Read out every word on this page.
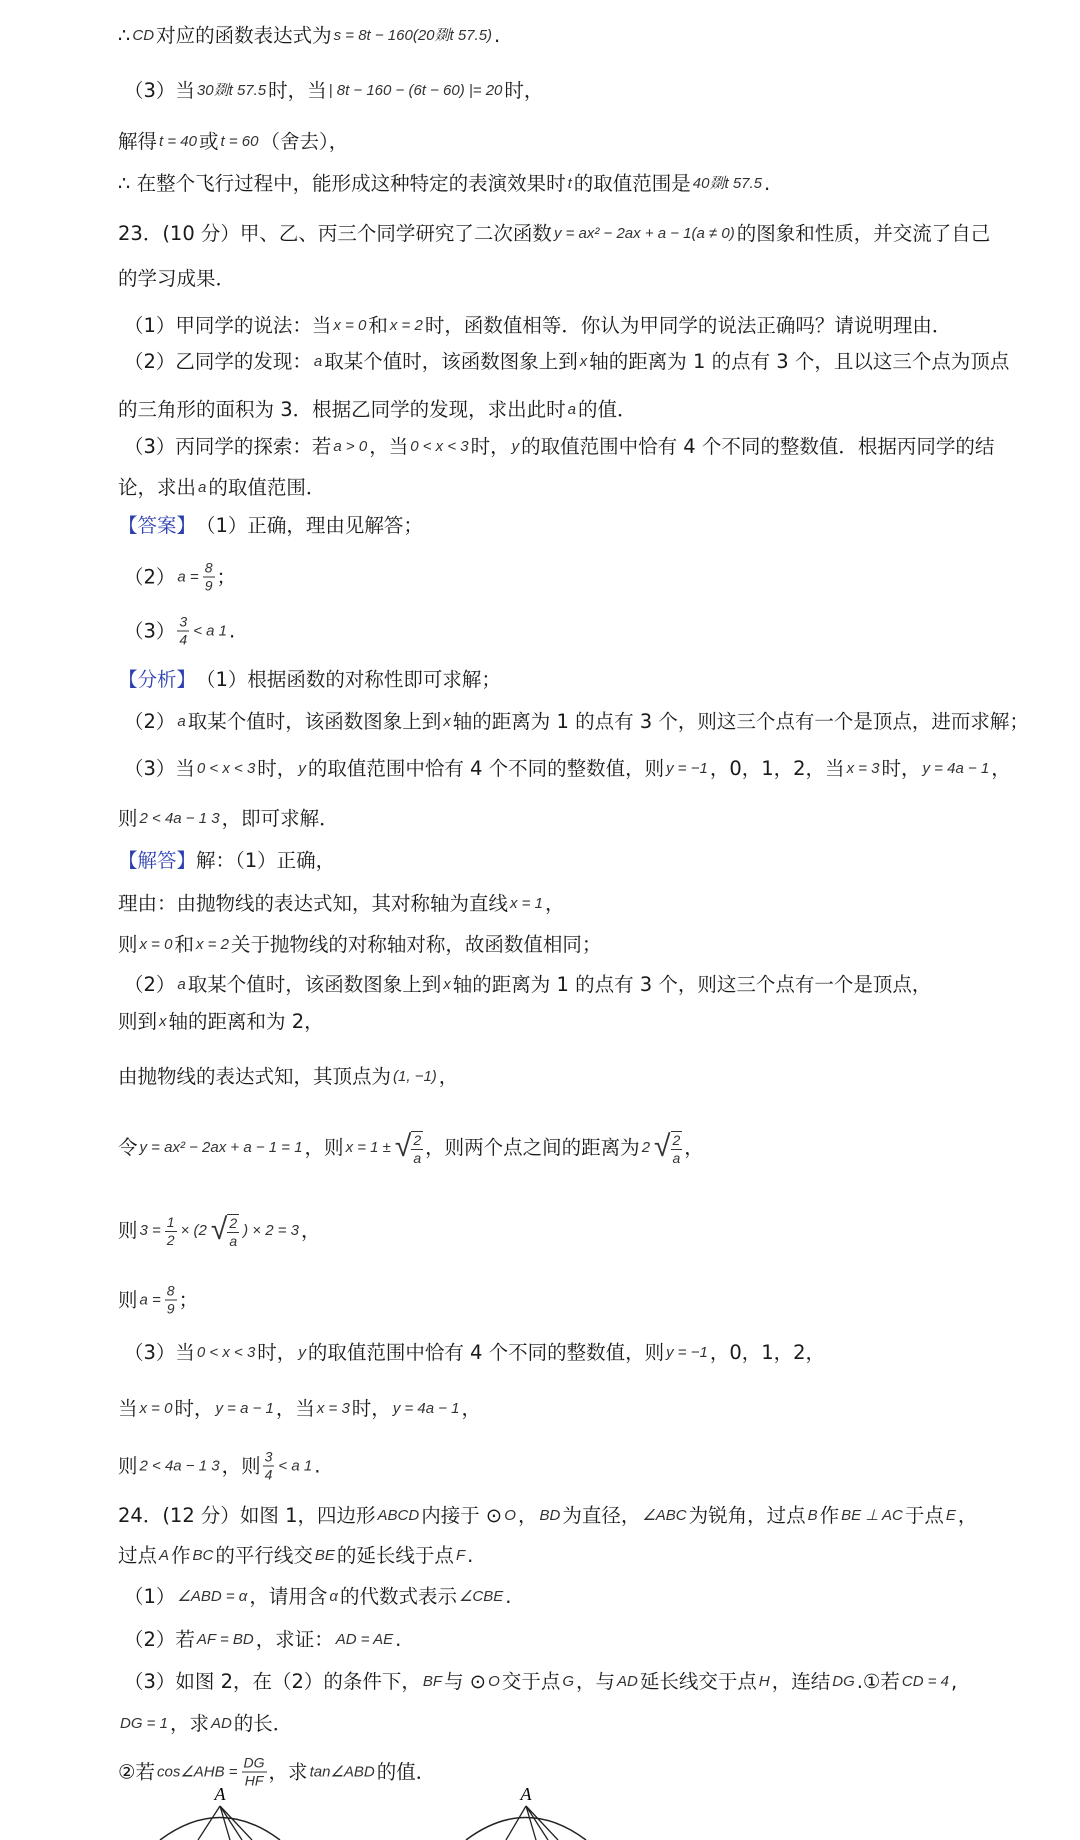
∴ CD 对应的函数表达式为 s = 8t − 160(20剟t 57.5) .
（3）当 30剟t 57.5 时，当 | 8t − 160 − (6t − 60) |= 20 时，
解得 t = 40 或 t = 60 （舍去），
∴ 在整个飞行过程中，能形成这种特定的表演效果时 t 的取值范围是 40剟t 57.5 .
23．(10 分）甲、乙、丙三个同学研究了二次函数 y = ax² − 2ax + a − 1(a ≠ 0) 的图象和性质，并交流了自己
的学习成果．
（1）甲同学的说法：当 x = 0 和 x = 2 时，函数值相等．你认为甲同学的说法正确吗？请说明理由．
（2）乙同学的发现： a 取某个值时，该函数图象上到 x 轴的距离为 1 的点有 3 个，且以这三个点为顶点
的三角形的面积为 3．根据乙同学的发现，求出此时 a 的值．
（3）丙同学的探索：若 a > 0 ，当 0 < x < 3 时， y 的取值范围中恰有 4 个不同的整数值．根据丙同学的结
论，求出 a 的取值范围．
【答案】 （1）正确，理由见解答；
（2） $a = \frac{8}{9}$ ；
$(3) \frac{3}{4} < a$ 1 .
【分析】 （1）根据函数的对称性即可求解；
（2） a 取某个值时，该函数图象上到 x 轴的距离为 1 的点有 3 个，则这三个点有一个是顶点，进而求解；
（3）当 0 < x < 3 时， y 的取值范围中恰有 4 个不同的整数值，则 y = −1 ，0，1，2，当 x = 3 时， y = 4a − 1 ，
则 2 < 4a − 1 3 ，即可求解．
【解答】 解：（1）正确，
理由：由抛物线的表达式知，其对称轴为直线 x = 1 ，
则 x = 0 和 x = 2 关于抛物线的对称轴对称，故函数值相同；
（2） a 取某个值时，该函数图象上到 x 轴的距离为 1 的点有 3 个，则这三个点有一个是顶点，
则到 x 轴的距离和为 2，
由抛物线的表达式知，其顶点为 (1, −1) ，
令 y = ax² − 2ax + a − 1 = 1 ，则 x = 1 ± √ $\frac{2}{a}$ ，则两个点之间的距离为 2 √ $\frac{2}{a}$ ，
则 $3 = \frac{1}{2} \times (2$ √ $\frac{2}{a}$ ) × 2 = 3 ，
则 $a = \frac{8}{9}$ ；
（3）当 0 < x < 3 时， y 的取值范围中恰有 4 个不同的整数值，则 y = −1 ，0，1，2，
当 x = 0 时， y = a − 1 ，当 x = 3 时， y = 4a − 1 ，
则 2 < 4a − 1 3 ，则 $\frac{3}{4} < a$ 1 .
24．(12 分）如图 1，四边形 ABCD 内接于 ⊙ O ， BD 为直径， ∠ABC 为锐角，过点 B 作 BE ⊥ AC 于点 E ，
过点 A 作 BC 的平行线交 BE 的延长线于点 F .
（1） ∠ABD = α ，请用含 α 的代数式表示 ∠CBE .
（2）若 AF = BD ，求证： AD = AE .
（3）如图 2，在（2）的条件下， BF 与 ⊙ O 交于点 G ，与 AD 延长线交于点 H ，连结 DG .①若 CD = 4 ,
DG = 1 ，求 AD 的长．
②若 cos∠AHB = $\frac{DG}{HF}$ ，求 tan∠ABD 的值．
A	A
